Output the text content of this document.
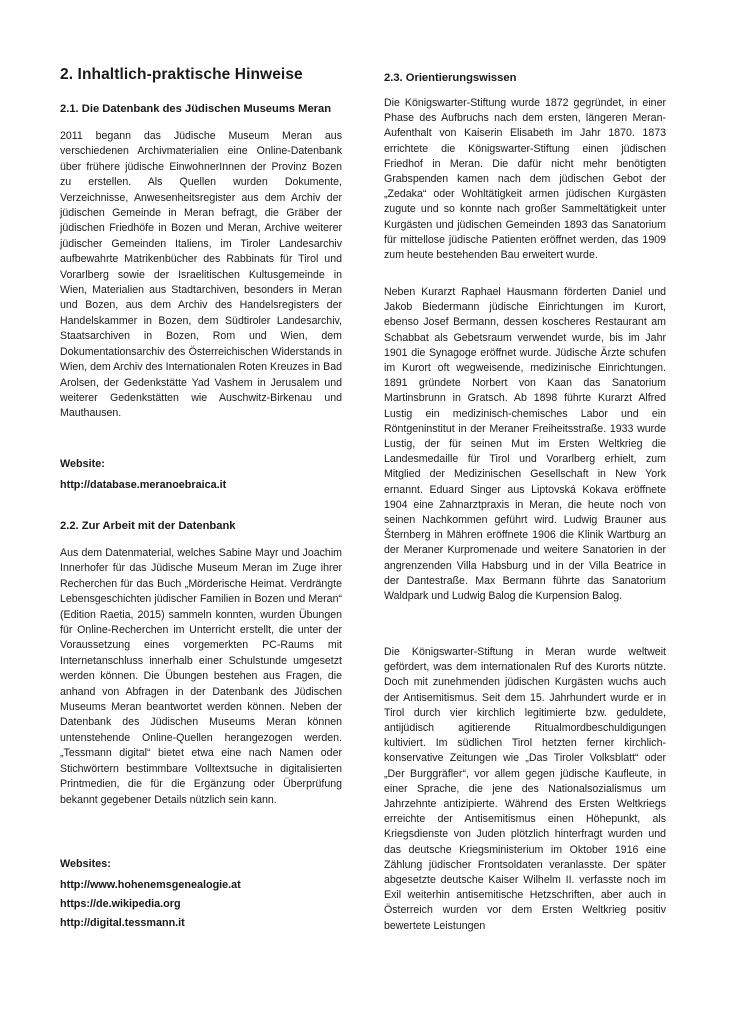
2. Inhaltlich-praktische Hinweise
2.1. Die Datenbank des Jüdischen Museums Meran

2011 begann das Jüdische Museum Meran aus verschiedenen Archivmaterialien eine Online-Datenbank über frühere jüdische EinwohnerInnen der Provinz Bozen zu erstellen. Als Quellen wurden Dokumente, Verzeichnisse, Anwesenheitsregister aus dem Archiv der jüdischen Gemeinde in Meran befragt, die Gräber der jüdischen Friedhöfe in Bozen und Meran, Archive weiterer jüdischer Gemeinden Italiens, im Tiroler Landesarchiv aufbewahrte Matrikenbücher des Rabbinats für Tirol und Vorarlberg sowie der Israelitischen Kultusgemeinde in Wien, Materialien aus Stadtarchiven, besonders in Meran und Bozen, aus dem Archiv des Handelsregisters der Handelskammer in Bozen, dem Südtiroler Landesarchiv, Staatsarchiven in Bozen, Rom und Wien, dem Dokumentationsarchiv des Österreichischen Widerstands in Wien, dem Archiv des Internationalen Roten Kreuzes in Bad Arolsen, der Gedenkstätte Yad Vashem in Jerusalem und weiterer Gedenkstätten wie Auschwitz-Birkenau und Mauthausen.

Website:

http://database.meranoebraica.it
2.2. Zur Arbeit mit der Datenbank

Aus dem Datenmaterial, welches Sabine Mayr und Joachim Innerhofer für das Jüdische Museum Meran im Zuge ihrer Recherchen für das Buch „Mörderische Heimat. Verdrängte Lebensgeschichten jüdischer Familien in Bozen und Meran“ (Edition Raetia, 2015) sammeln konnten, wurden Übungen für Online-Recherchen im Unterricht erstellt, die unter der Voraussetzung eines vorgemerkten PC-Raums mit Internetanschluss innerhalb einer Schulstunde umgesetzt werden können. Die Übungen bestehen aus Fragen, die anhand von Abfragen in der Datenbank des Jüdischen Museums Meran beantwortet werden können. Neben der Datenbank des Jüdischen Museums Meran können untenstehende Online-Quellen herangezogen werden. „Tessmann digital“ bietet etwa eine nach Namen oder Stichwörtern bestimmbare Volltextsuche in digitalisierten Printmedien, die für die Ergänzung oder Überprüfung bekannt gegebener Details nützlich sein kann.

Websites:

http://www.hohenemsgenealogie.at
https://de.wikipedia.org
http://digital.tessmann.it
2.3. Orientierungswissen

Die Königswarter-Stiftung wurde 1872 gegründet, in einer Phase des Aufbruchs nach dem ersten, längeren Meran-Aufenthalt von Kaiserin Elisabeth im Jahr 1870. 1873 errichtete die Königswarter-Stiftung einen jüdischen Friedhof in Meran. Die dafür nicht mehr benötigten Grabspenden kamen nach dem jüdischen Gebot der „Zedaka“ oder Wohltätigkeit armen jüdischen Kurgästen zugute und so konnte nach großer Sammeltätigkeit unter Kurgästen und jüdischen Gemeinden 1893 das Sanatorium für mittellose jüdische Patienten eröffnet werden, das 1909 zum heute bestehenden Bau erweitert wurde.

Neben Kurarzt Raphael Hausmann förderten Daniel und Jakob Biedermann jüdische Einrichtungen im Kurort, ebenso Josef Bermann, dessen koscheres Restaurant am Schabbat als Gebetsraum verwendet wurde, bis im Jahr 1901 die Synagoge eröffnet wurde. Jüdische Ärzte schufen im Kurort oft wegweisende, medizinische Einrichtungen. 1891 gründete Norbert von Kaan das Sanatorium Martinsbrunn in Gratsch. Ab 1898 führte Kurarzt Alfred Lustig ein medizinisch-chemisches Labor und ein Röntgeninstitut in der Meraner Freiheitsstraße. 1933 wurde Lustig, der für seinen Mut im Ersten Weltkrieg die Landesmedaille für Tirol und Vorarlberg erhielt, zum Mitglied der Medizinischen Gesellschaft in New York ernannt. Eduard Singer aus Liptovská Kokava eröffnete 1904 eine Zahnarztpraxis in Meran, die heute noch von seinen Nachkommen geführt wird. Ludwig Brauner aus Šternberg in Mähren eröffnete 1906 die Klinik Wartburg an der Meraner Kurpromenade und weitere Sanatorien in der angrenzenden Villa Habsburg und in der Villa Beatrice in der Dantestraße. Max Bermann führte das Sanatorium Waldpark und Ludwig Balog die Kurpension Balog.

Die Königswarter-Stiftung in Meran wurde weltweit gefördert, was dem internationalen Ruf des Kurorts nützte. Doch mit zunehmenden jüdischen Kurgästen wuchs auch der Antisemitismus. Seit dem 15. Jahrhundert wurde er in Tirol durch vier kirchlich legitimierte bzw. geduldete, antijüdisch agitierende Ritualmordbeschuldigungen kultiviert. Im südlichen Tirol hetzten ferner kirchlich-konservative Zeitungen wie „Das Tiroler Volksblatt“ oder „Der Burggräfler“, vor allem gegen jüdische Kaufleute, in einer Sprache, die jene des Nationalsozialismus um Jahrzehnte antizipierte. Während des Ersten Weltkriegs erreichte der Antisemitismus einen Höhepunkt, als Kriegsdienste von Juden plötzlich hinterfragt wurden und das deutsche Kriegsministerium im Oktober 1916 eine Zählung jüdischer Frontsoldaten veranlasste. Der später abgesetzte deutsche Kaiser Wilhelm II. verfasste noch im Exil weiterhin antisemitische Hetzschriften, aber auch in Österreich wurden vor dem Ersten Weltkrieg positiv bewertete Leistungen
